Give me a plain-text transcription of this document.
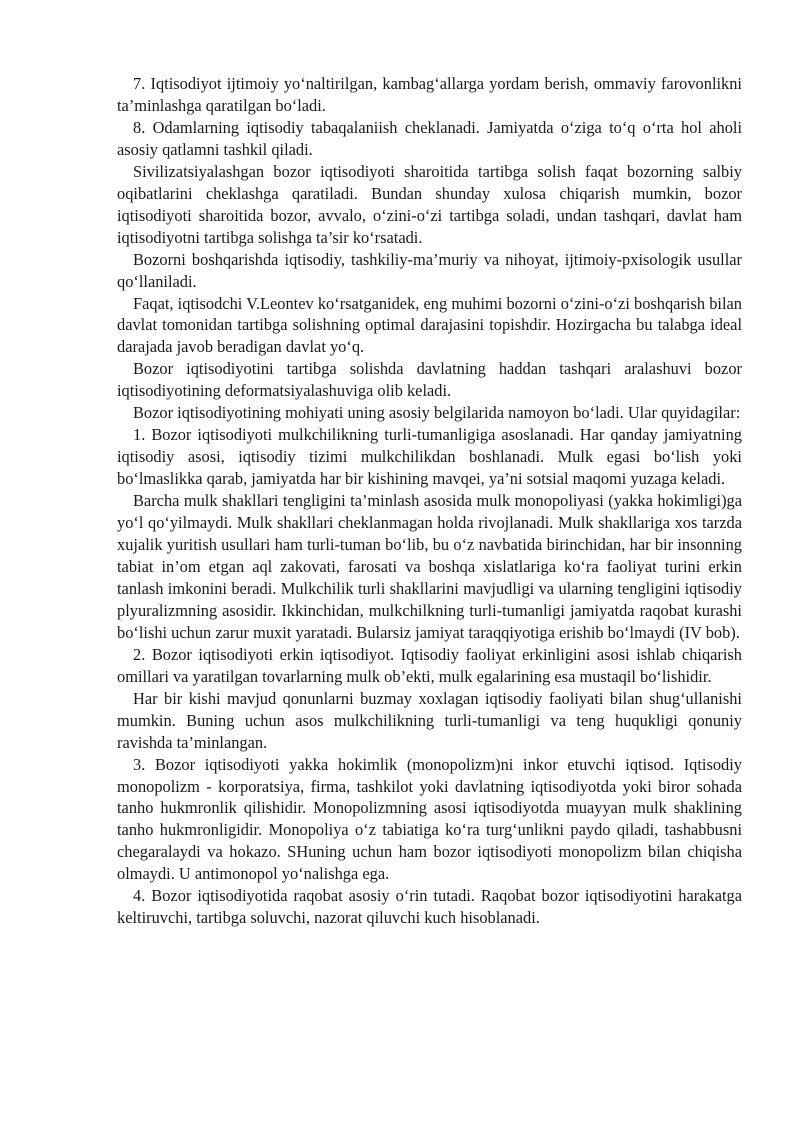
7. Iqtisodiyot ijtimoiy yo‘naltirilgan, kambag‘allarga yordam berish, ommaviy farovonlikni ta’minlashga qaratilgan bo‘ladi.

8. Odamlarning iqtisodiy tabaqalaniish cheklanadi. Jamiyatda o‘ziga to‘q o‘rta hol aholi asosiy qatlamni tashkil qiladi.

Sivilizatsiyalashgan bozor iqtisodiyoti sharoitida tartibga solish faqat bozorning salbiy oqibatlarini cheklashga qaratiladi. Bundan shunday xulosa chiqarish mumkin, bozor iqtisodiyoti sharoitida bozor, avvalo, o‘zini-o‘zi tartibga soladi, undan tashqari, davlat ham iqtisodiyotni tartibga solishga ta’sir ko‘rsatadi.

Bozorni boshqarishda iqtisodiy, tashkiliy-ma’muriy va nihoyat, ijtimoiy-pxisologik usullar qo‘llaniladi.

Faqat, iqtisodchi V.Leontev ko‘rsatganidek, eng muhimi bozorni o‘zini-o‘zi boshqarish bilan davlat tomonidan tartibga solishning optimal darajasini topishdir. Hozirgacha bu talabga ideal darajada javob beradigan davlat yo‘q.

Bozor iqtisodiyotini tartibga solishda davlatning haddan tashqari aralashuvi bozor iqtisodiyotining deformatsiyalashuviga olib keladi.

Bozor iqtisodiyotining mohiyati uning asosiy belgilarida namoyon bo‘ladi. Ular quyidagilar:

1. Bozor iqtisodiyoti mulkchilikning turli-tumanligiga asoslanadi. Har qanday jamiyatning iqtisodiy asosi, iqtisodiy tizimi mulkchilikdan boshlanadi. Mulk egasi bo‘lish yoki bo‘lmaslikka qarab, jamiyatda har bir kishining mavqei, ya’ni sotsial maqomi yuzaga keladi.

Barcha mulk shakllari tengligini ta’minlash asosida mulk monopoliyasi (yakka hokimligi)ga yo‘l qo‘yilmaydi. Mulk shakllari cheklanmagan holda rivojlanadi. Mulk shakllariga xos tarzda xujalik yuritish usullari ham turli-tuman bo‘lib, bu o‘z navbatida birinchidan, har bir insonning tabiat in’om etgan aql zakovati, farosati va boshqa xislatlariga ko‘ra faoliyat turini erkin tanlash imkonini beradi. Mulkchilik turli shakllarini mavjudligi va ularning tengligini iqtisodiy plyuralizmning asosidir. Ikkinchidan, mulkchilkning turli-tumanligi jamiyatda raqobat kurashi bo‘lishi uchun zarur muxit yaratadi. Bularsiz jamiyat taraqqiyotiga erishib bo‘lmaydi (IV bob).

2. Bozor iqtisodiyoti erkin iqtisodiyot. Iqtisodiy faoliyat erkinligini asosi ishlab chiqarish omillari va yaratilgan tovarlarning mulk ob’ekti, mulk egalarining esa mustaqil bo‘lishidir.

Har bir kishi mavjud qonunlarni buzmay xoxlagan iqtisodiy faoliyati bilan shug‘ullanishi mumkin. Buning uchun asos mulkchilikning turli-tumanligi va teng huqukligi qonuniy ravishda ta’minlangan.

3. Bozor iqtisodiyoti yakka hokimlik (monopolizm)ni inkor etuvchi iqtisod. Iqtisodiy monopolizm - korporatsiya, firma, tashkilot yoki davlatning iqtisodiyotda yoki biror sohada tanho hukmronlik qilishidir. Monopolizmning asosi iqtisodiyotda muayyan mulk shaklining tanho hukmronligidir. Monopoliya o‘z tabiatiga ko‘ra turg‘unlikni paydo qiladi, tashabbusni chegaralaydi va hokazo. SHuning uchun ham bozor iqtisodiyoti monopolizm bilan chiqisha olmaydi. U antimonopol yo‘nalishga ega.

4. Bozor iqtisodiyotida raqobat asosiy o‘rin tutadi. Raqobat bozor iqtisodiyotini harakatga keltiruvchi, tartibga soluvchi, nazorat qiluvchi kuch hisoblanadi.
